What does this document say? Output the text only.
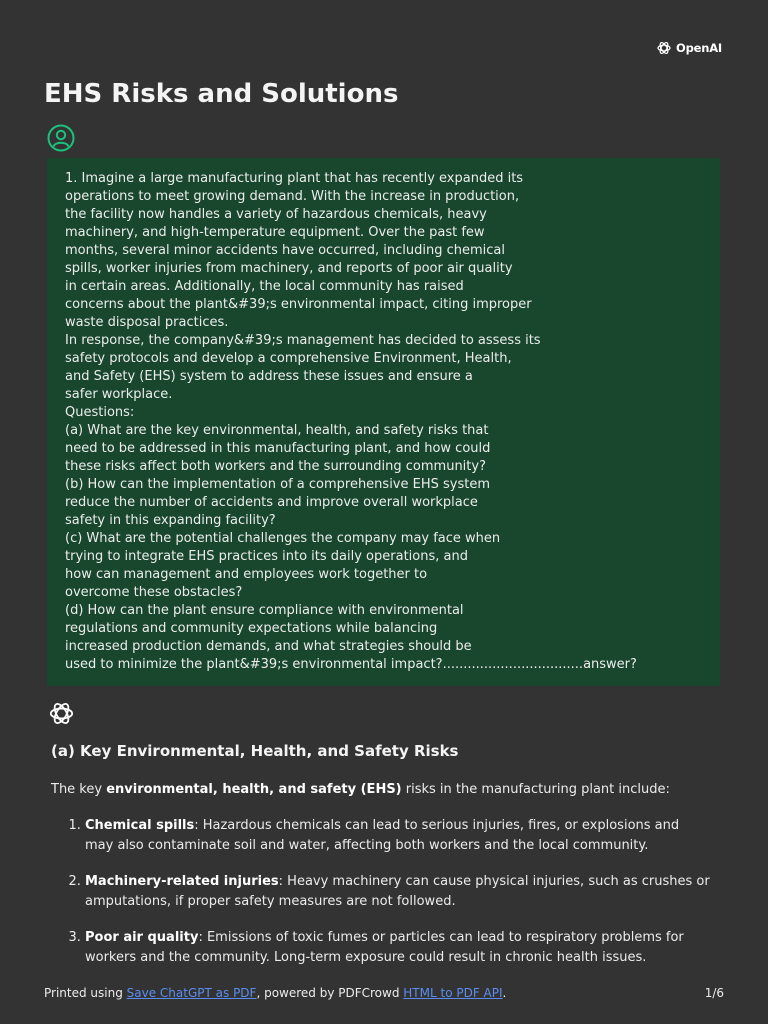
OpenAI
EHS Risks and Solutions
1. Imagine a large manufacturing plant that has recently expanded its
operations to meet growing demand. With the increase in production,
the facility now handles a variety of hazardous chemicals, heavy
machinery, and high-temperature equipment. Over the past few
months, several minor accidents have occurred, including chemical
spills, worker injuries from machinery, and reports of poor air quality
in certain areas. Additionally, the local community has raised
concerns about the plant&#39;s environmental impact, citing improper
waste disposal practices.
In response, the company&#39;s management has decided to assess its
safety protocols and develop a comprehensive Environment, Health,
and Safety (EHS) system to address these issues and ensure a
safer workplace.
Questions:
(a) What are the key environmental, health, and safety risks that
need to be addressed in this manufacturing plant, and how could
these risks affect both workers and the surrounding community?
(b) How can the implementation of a comprehensive EHS system
reduce the number of accidents and improve overall workplace
safety in this expanding facility?
(c) What are the potential challenges the company may face when
trying to integrate EHS practices into its daily operations, and
how can management and employees work together to
overcome these obstacles?
(d) How can the plant ensure compliance with environmental
regulations and community expectations while balancing
increased production demands, and what strategies should be
used to minimize the plant&#39;s environmental impact?..................................answer?
(a) Key Environmental, Health, and Safety Risks

The key environmental, health, and safety (EHS) risks in the manufacturing plant include:

1. Chemical spills: Hazardous chemicals can lead to serious injuries, fires, or explosions and may also contaminate soil and water, affecting both workers and the local community.
2. Machinery-related injuries: Heavy machinery can cause physical injuries, such as crushes or amputations, if proper safety measures are not followed.
3. Poor air quality: Emissions of toxic fumes or particles can lead to respiratory problems for workers and the community. Long-term exposure could result in chronic health issues.
Printed using Save ChatGPT as PDF, powered by PDFCrowd HTML to PDF API.	1/6
